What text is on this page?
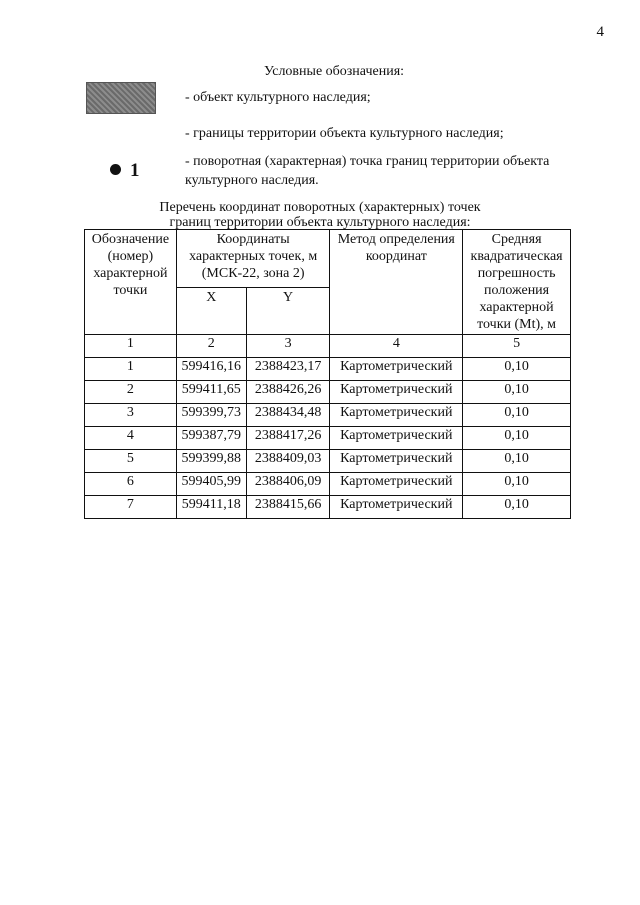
4
Условные обозначения:
- объект культурного наследия;
- границы территории объекта культурного наследия;
1	- поворотная (характерная) точка границ территории объекта культурного наследия.
Перечень координат поворотных (характерных) точек
границ территории объекта культурного наследия:
Обозначение (номер) характерной точки	Координаты характерных точек, м (МСК-22, зона 2)		Метод определения координат	Средняя квадратическая погрешность положения характерной точки (Mt), м
	X	Y		
1	2	3	4	5
1	599416,16	2388423,17	Картометрический	0,10
2	599411,65	2388426,26	Картометрический	0,10
3	599399,73	2388434,48	Картометрический	0,10
4	599387,79	2388417,26	Картометрический	0,10
5	599399,88	2388409,03	Картометрический	0,10
6	599405,99	2388406,09	Картометрический	0,10
7	599411,18	2388415,66	Картометрический	0,10
